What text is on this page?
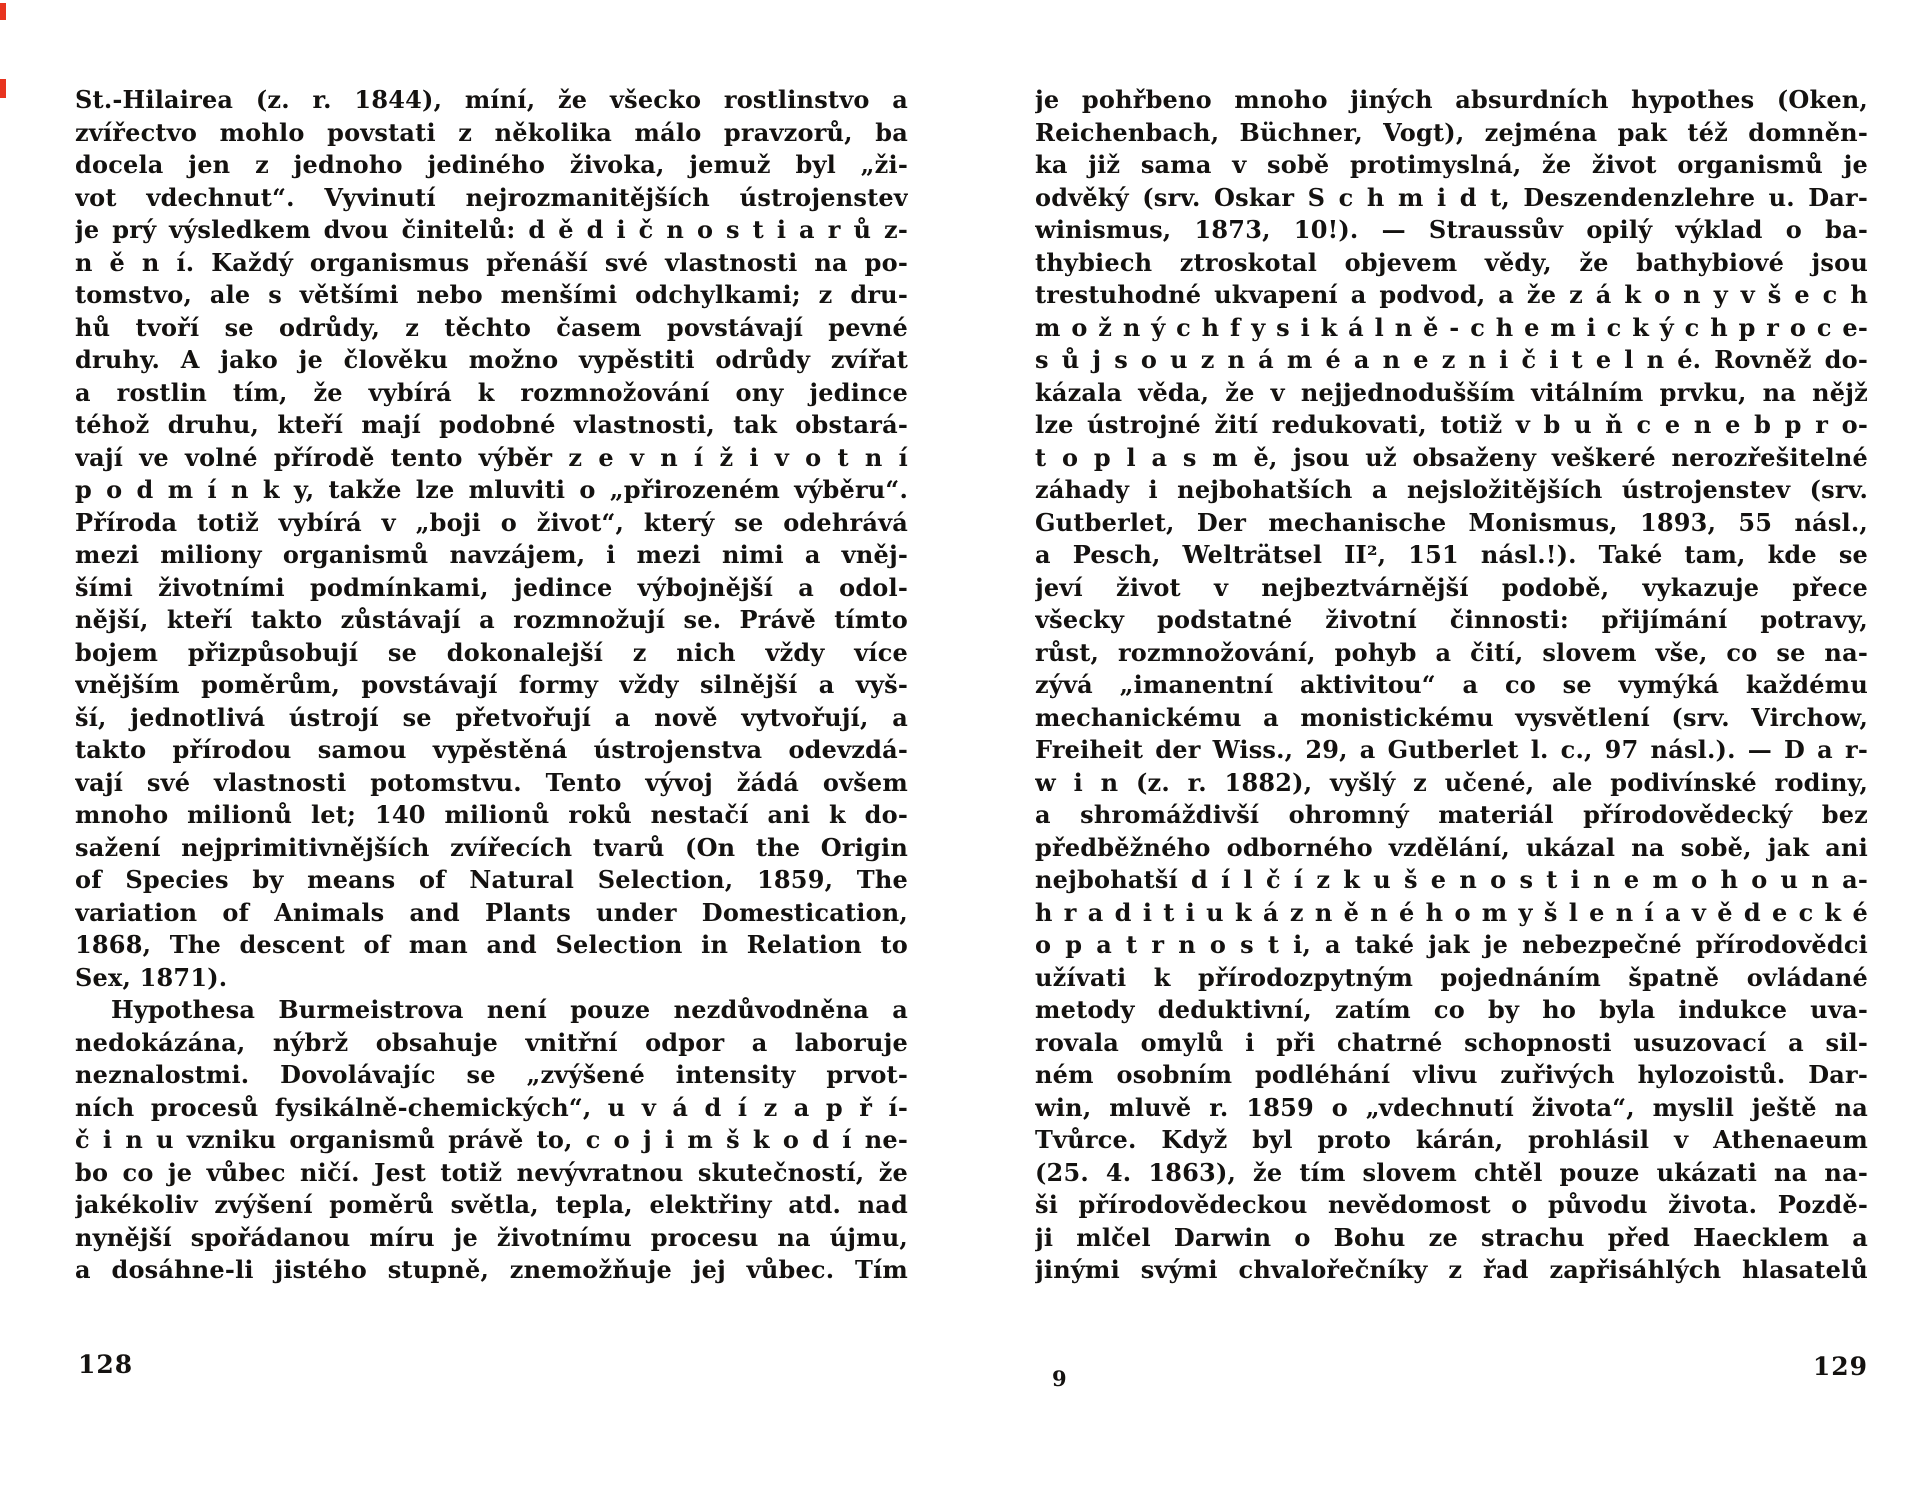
St.-Hilairea (z. r. 1844), míní, že všecko rostlinstvo a
zvířectvo mohlo povstati z několika málo pravzorů, ba
docela jen z jednoho jediného živoka, jemuž byl „ži-
vot vdechnut“. Vyvinutí nejrozmanitějších ústrojenstev
je prý výsledkem dvou činitelů: d ě d i č n o s t i a r ů z-
n ě n í. Každý organismus přenáší své vlastnosti na po-
tomstvo, ale s většími nebo menšími odchylkami; z dru-
hů tvoří se odrůdy, z těchto časem povstávají pevné
druhy. A jako je člověku možno vypěstiti odrůdy zvířat
a rostlin tím, že vybírá k rozmnožování ony jedince
téhož druhu, kteří mají podobné vlastnosti, tak obstará-
vají ve volné přírodě tento výběr z e v n í ž i v o t n í
p o d m í n k y, takže lze mluviti o „přirozeném výběru“.
Příroda totiž vybírá v „boji o život“, který se odehrává
mezi miliony organismů navzájem, i mezi nimi a vněj-
šími životními podmínkami, jedince výbojnější a odol-
nější, kteří takto zůstávají a rozmnožují se. Právě tímto
bojem přizpůsobují se dokonalejší z nich vždy více
vnějším poměrům, povstávají formy vždy silnější a vyš-
ší, jednotlivá ústrojí se přetvořují a nově vytvořují, a
takto přírodou samou vypěstěná ústrojenstva odevzdá-
vají své vlastnosti potomstvu. Tento vývoj žádá ovšem
mnoho milionů let; 140 milionů roků nestačí ani k do-
sažení nejprimitivnějších zvířecích tvarů (On the Origin
of Species by means of Natural Selection, 1859, The
variation of Animals and Plants under Domestication,
1868, The descent of man and Selection in Relation to
Sex, 1871).
Hypothesa Burmeistrova není pouze nezdůvodněna a
nedokázána, nýbrž obsahuje vnitřní odpor a laboruje
neznalostmi. Dovolávajíc se „zvýšené intensity prvot-
ních procesů fysikálně-chemických“, u v á d í z a p ř í-
č i n u vzniku organismů právě to, c o j i m š k o d í ne-
bo co je vůbec ničí. Jest totiž nevývratnou skutečností, že
jakékoliv zvýšení poměrů světla, tepla, elektřiny atd. nad
nynější spořádanou míru je životnímu procesu na újmu,
a dosáhne-li jistého stupně, znemožňuje jej vůbec. Tím
je pohřbeno mnoho jiných absurdních hypothes (Oken,
Reichenbach, Büchner, Vogt), zejména pak též domněn-
ka již sama v sobě protimyslná, že život organismů je
odvěký (srv. Oskar S c h m i d t, Deszendenzlehre u. Dar-
winismus, 1873, 10!). — Straussův opilý výklad o ba-
thybiech ztroskotal objevem vědy, že bathybiové jsou
trestuhodné ukvapení a podvod, a že z á k o n y v š e c h
m o ž n ý c h f y s i k á l n ě - c h e m i c k ý c h p r o c e-
s ů j s o u z n á m é a n e z n i č i t e l n é. Rovněž do-
kázala věda, že v nejjednodušším vitálním prvku, na nějž
lze ústrojné žití redukovati, totiž v b u ň c e n e b p r o-
t o p l a s m ě, jsou už obsaženy veškeré nerozřešitelné
záhady i nejbohatších a nejsložitějších ústrojenstev (srv.
Gutberlet, Der mechanische Monismus, 1893, 55 násl.,
a Pesch, Welträtsel II², 151 násl.!). Také tam, kde se
jeví život v nejbeztvárnější podobě, vykazuje přece
všecky podstatné životní činnosti: přijímání potravy,
růst, rozmnožování, pohyb a čití, slovem vše, co se na-
zývá „imanentní aktivitou“ a co se vymýká každému
mechanickému a monistickému vysvětlení (srv. Virchow,
Freiheit der Wiss., 29, a Gutberlet l. c., 97 násl.). — D a r-
w i n (z. r. 1882), vyšlý z učené, ale podivínské rodiny,
a shromáždivší ohromný materiál přírodovědecký bez
předběžného odborného vzdělání, ukázal na sobě, jak ani
nejbohatší d í l č í z k u š e n o s t i n e m o h o u n a-
h r a d i t i u k á z n ě n é h o m y š l e n í a v ě d e c k é
o p a t r n o s t i, a také jak je nebezpečné přírodovědci
užívati k přírodozpytným pojednáním špatně ovládané
metody deduktivní, zatím co by ho byla indukce uva-
rovala omylů i při chatrné schopnosti usuzovací a sil-
ném osobním podléhání vlivu zuřivých hylozoistů. Dar-
win, mluvě r. 1859 o „vdechnutí života“, myslil ještě na
Tvůrce. Když byl proto kárán, prohlásil v Athenaeum
(25. 4. 1863), že tím slovem chtěl pouze ukázati na na-
ši přírodovědeckou nevědomost o původu života. Pozdě-
ji mlčel Darwin o Bohu ze strachu před Haecklem a
jinými svými chvalořečníky z řad zapřisáhlých hlasatelů
128	9	129
